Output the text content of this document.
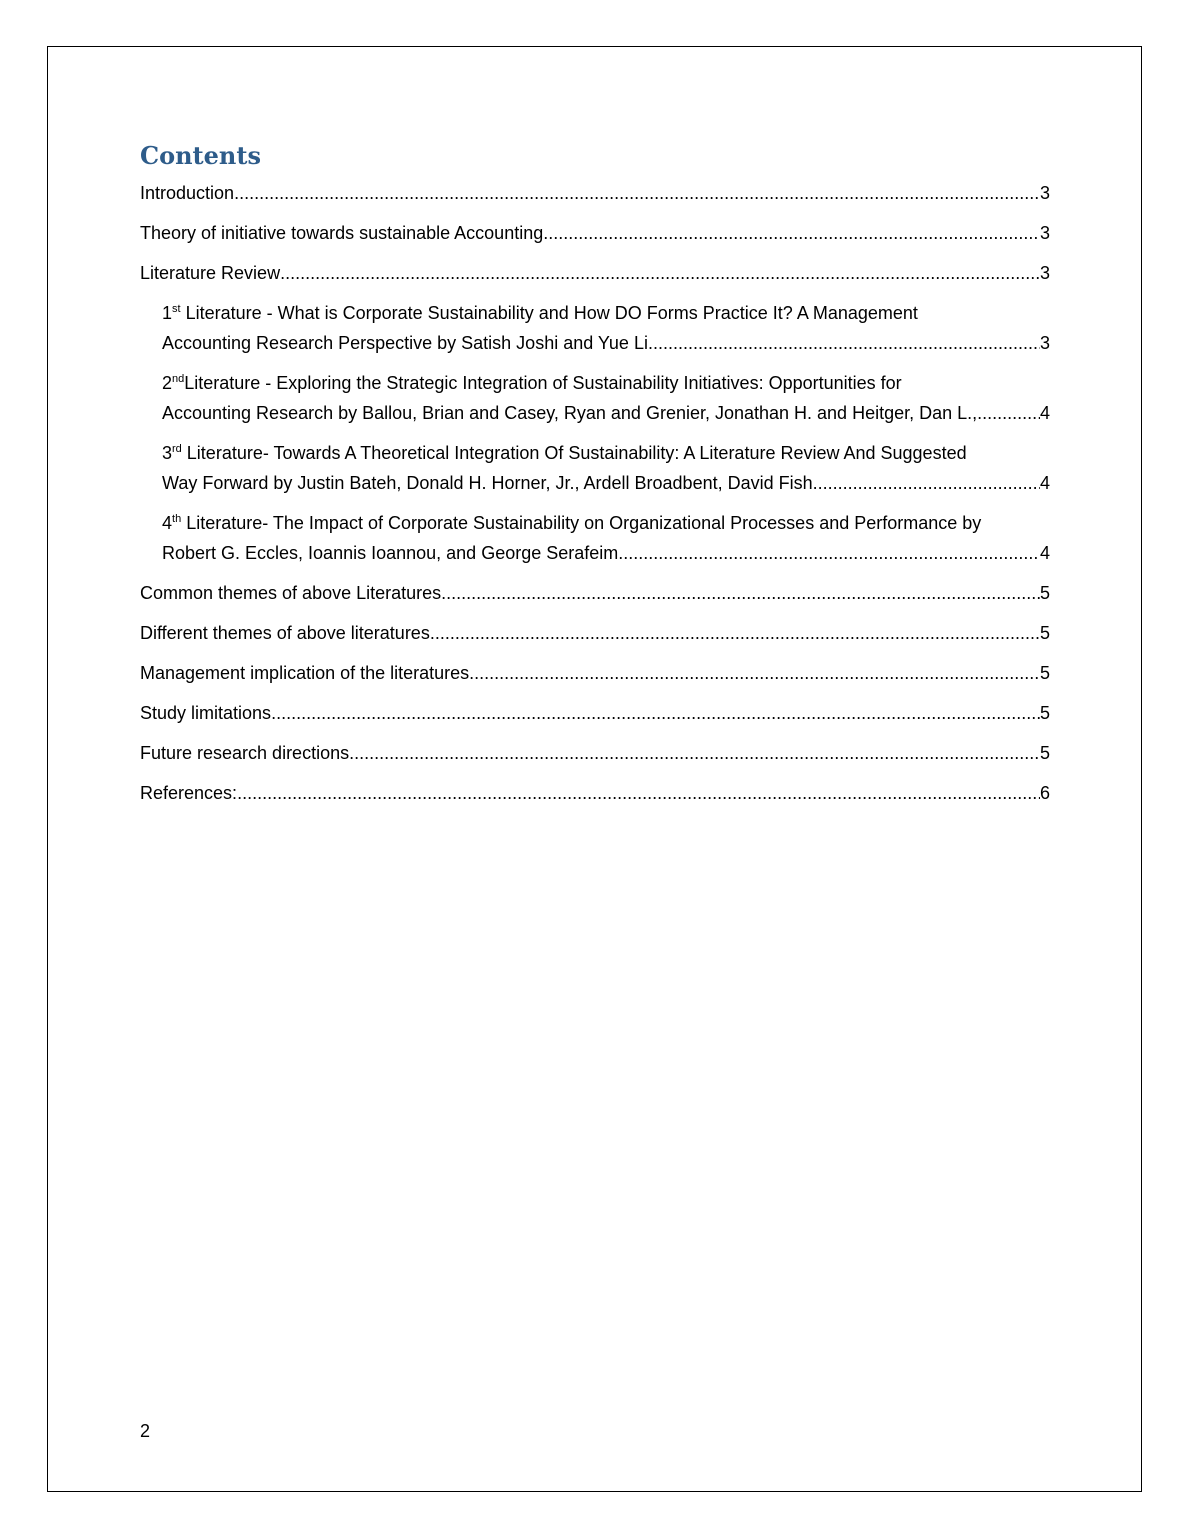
Contents
Introduction .....	3
Theory of initiative towards sustainable Accounting .....	3
Literature Review .....	3
1st Literature - What is Corporate Sustainability and How DO Forms Practice It? A Management
Accounting Research Perspective by Satish Joshi and Yue Li .....	3
2ndLiterature - Exploring the Strategic Integration of Sustainability Initiatives: Opportunities for
Accounting Research by Ballou, Brian and Casey, Ryan and Grenier, Jonathan H. and Heitger, Dan L., .....	4
3rd Literature- Towards A Theoretical Integration Of Sustainability: A Literature Review And Suggested
Way Forward by Justin Bateh, Donald H. Horner, Jr., Ardell Broadbent, David Fish .....	4
4th Literature- The Impact of Corporate Sustainability on Organizational Processes and Performance by
Robert G. Eccles, Ioannis Ioannou, and George Serafeim .....	4
Common themes of above Literatures .....	5
Different themes of above literatures .....	5
Management implication of the literatures .....	5
Study limitations .....	5
Future research directions .....	5
References: .....	6
2
